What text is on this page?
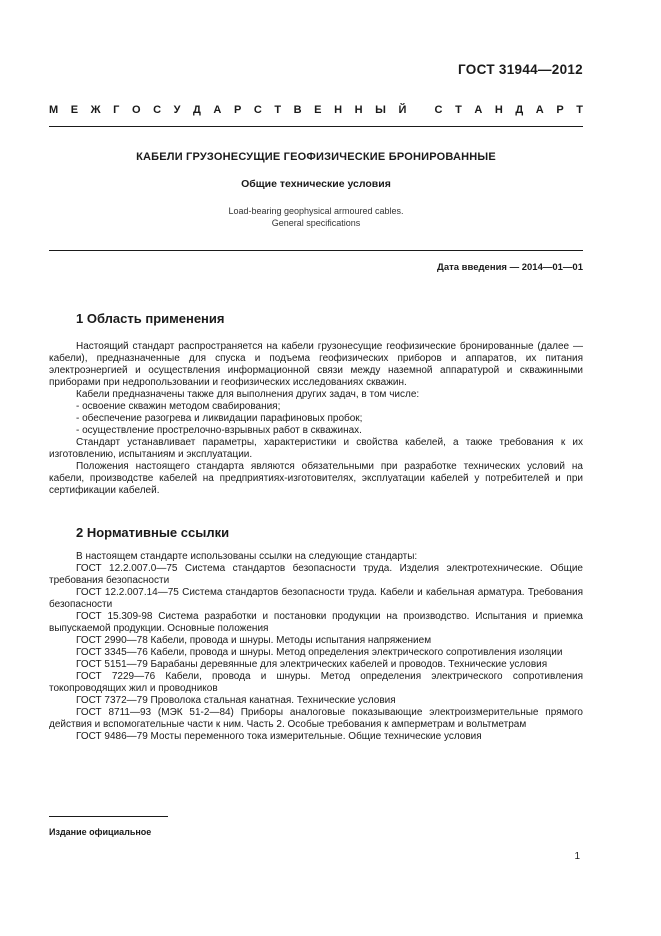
ГОСТ 31944—2012
М Е Ж Г О С У Д А Р С Т В Е Н Н Ы Й
	С Т А Н Д А Р Т
КАБЕЛИ ГРУЗОНЕСУЩИЕ ГЕОФИЗИЧЕСКИЕ БРОНИРОВАННЫЕ
Общие технические условия
Load-bearing geophysical armoured cables.
General specifications
Дата введения — 2014—01—01
1 Область применения

Настоящий стандарт распространяется на кабели грузонесущие геофизические бронированные (далее — кабели), предназначенные для спуска и подъема геофизических приборов и аппаратов, их питания электроэнергией и осуществления информационной связи между наземной аппаратурой и скважинными приборами при недропользовании и геофизических исследованиях скважин.

Кабели предназначены также для выполнения других задач, в том числе:

- освоение скважин методом свабирования;

- обеспечение разогрева и ликвидации парафиновых пробок;

- осуществление прострелочно-взрывных работ в скважинах.

Стандарт устанавливает параметры, характеристики и свойства кабелей, а также требования к их изготовлению, испытаниям и эксплуатации.

Положения настоящего стандарта являются обязательными при разработке технических условий на кабели, производстве кабелей на предприятиях-изготовителях, эксплуатации кабелей у потребителей и при сертификации кабелей.

2 Нормативные ссылки

В настоящем стандарте использованы ссылки на следующие стандарты:

ГОСТ 12.2.007.0—75 Система стандартов безопасности труда. Изделия электротехнические. Общие требования безопасности

ГОСТ 12.2.007.14—75 Система стандартов безопасности труда. Кабели и кабельная арматура. Требования безопасности

ГОСТ 15.309-98 Система разработки и постановки продукции на производство. Испытания и приемка выпускаемой продукции. Основные положения

ГОСТ 2990—78 Кабели, провода и шнуры. Методы испытания напряжением

ГОСТ 3345—76 Кабели, провода и шнуры. Метод определения электрического сопротивления изоляции

ГОСТ 5151—79 Барабаны деревянные для электрических кабелей и проводов. Технические условия

ГОСТ 7229—76 Кабели, провода и шнуры. Метод определения электрического сопротивления токопроводящих жил и проводников

ГОСТ 7372—79 Проволока стальная канатная. Технические условия

ГОСТ 8711—93 (МЭК 51-2—84) Приборы аналоговые показывающие электроизмерительные прямого действия и вспомогательные части к ним. Часть 2. Особые требования к амперметрам и вольтметрам

ГОСТ 9486—79 Мосты переменного тока измерительные. Общие технические условия

Издание официальное
1
